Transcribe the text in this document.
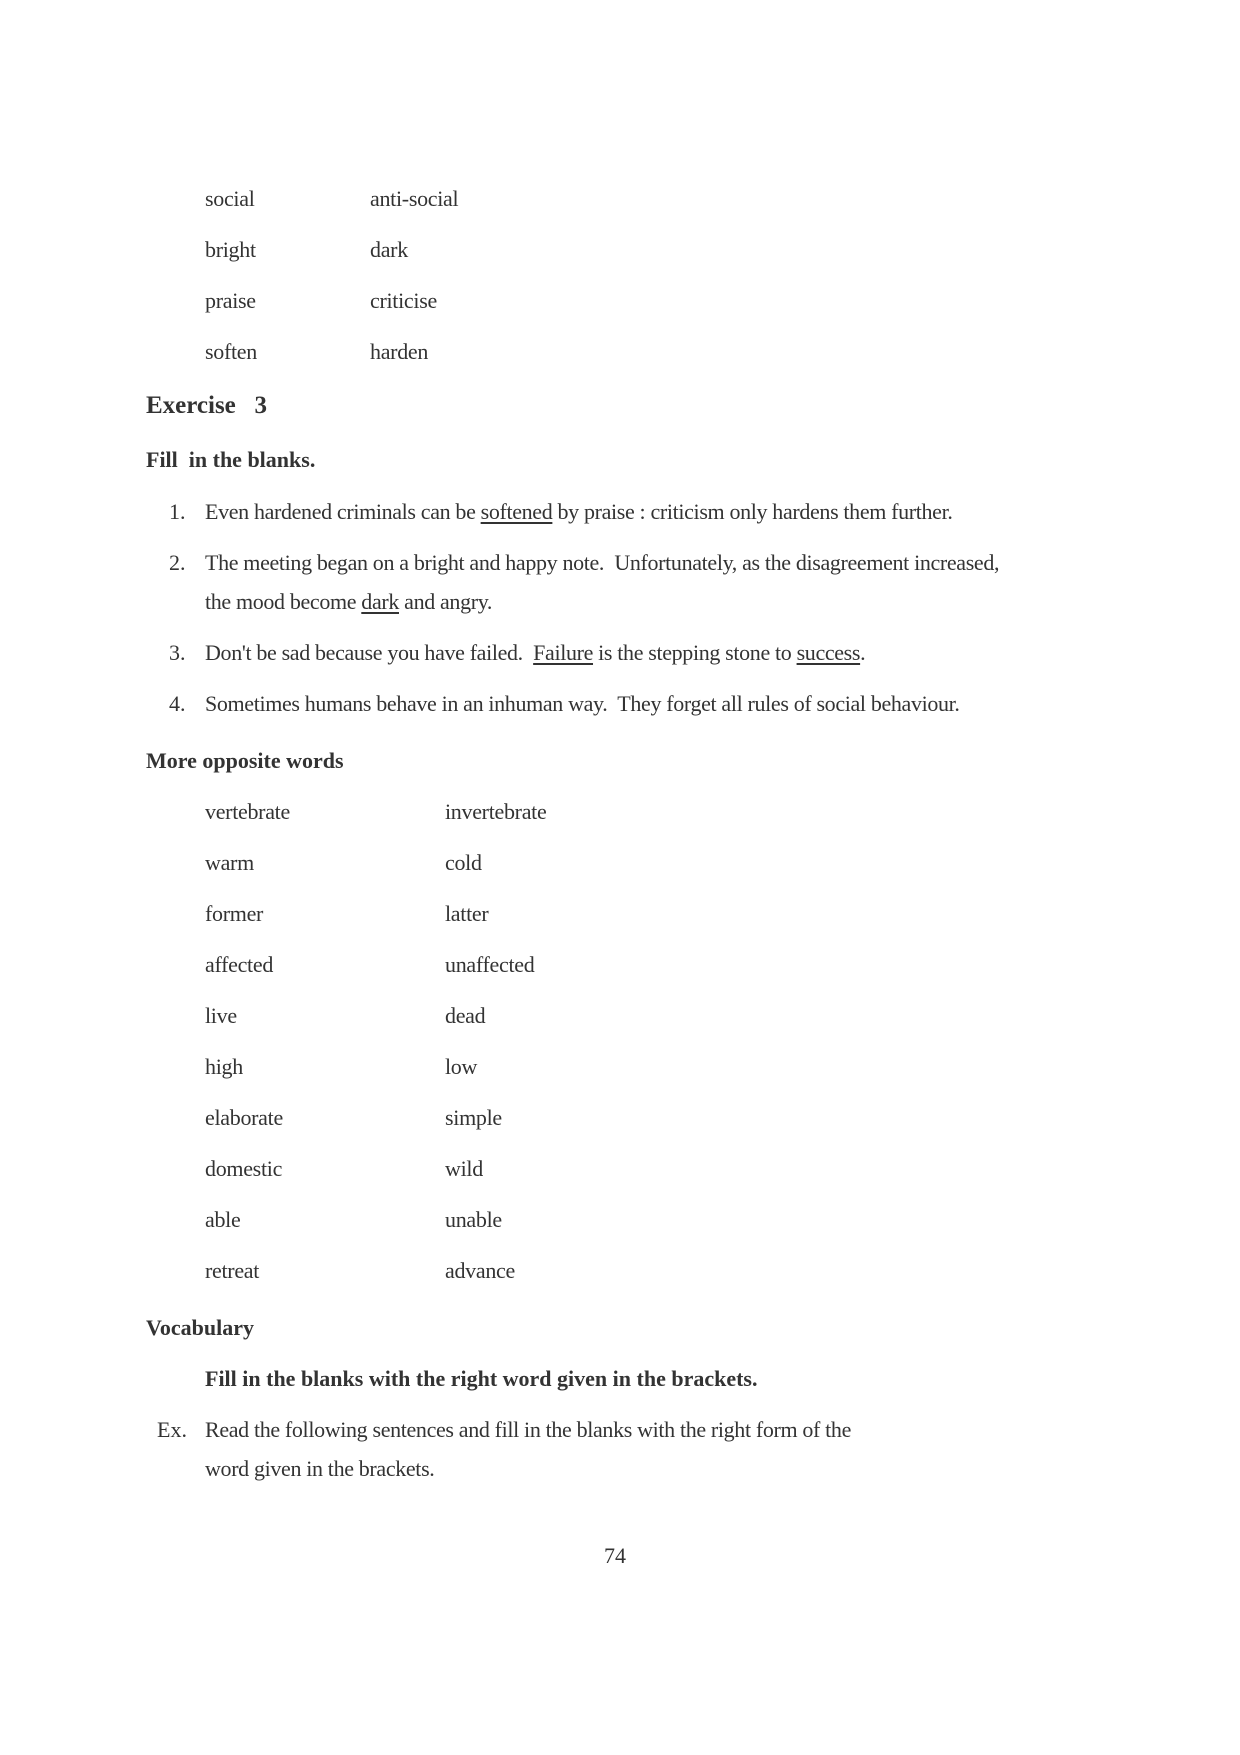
social	anti-social
bright	dark
praise	criticise
soften	harden
Exercise   3
Fill  in the blanks.
1. Even hardened criminals can be softened by praise : criticism only hardens them further.
2. The meeting began on a bright and happy note.  Unfortunately, as the disagreement increased,
the mood become dark and angry.
3. Don't be sad because you have failed.  Failure is the stepping stone to success.
4. Sometimes humans behave in an inhuman way.  They forget all rules of social behaviour.
More opposite words
vertebrate	invertebrate
warm	cold
former	latter
affected	unaffected
live	dead
high	low
elaborate	simple
domestic	wild
able	unable
retreat	advance
Vocabulary
Fill in the blanks with the right word given in the brackets.
Ex. Read the following sentences and fill in the blanks with the right form of the
word given in the brackets.
74
